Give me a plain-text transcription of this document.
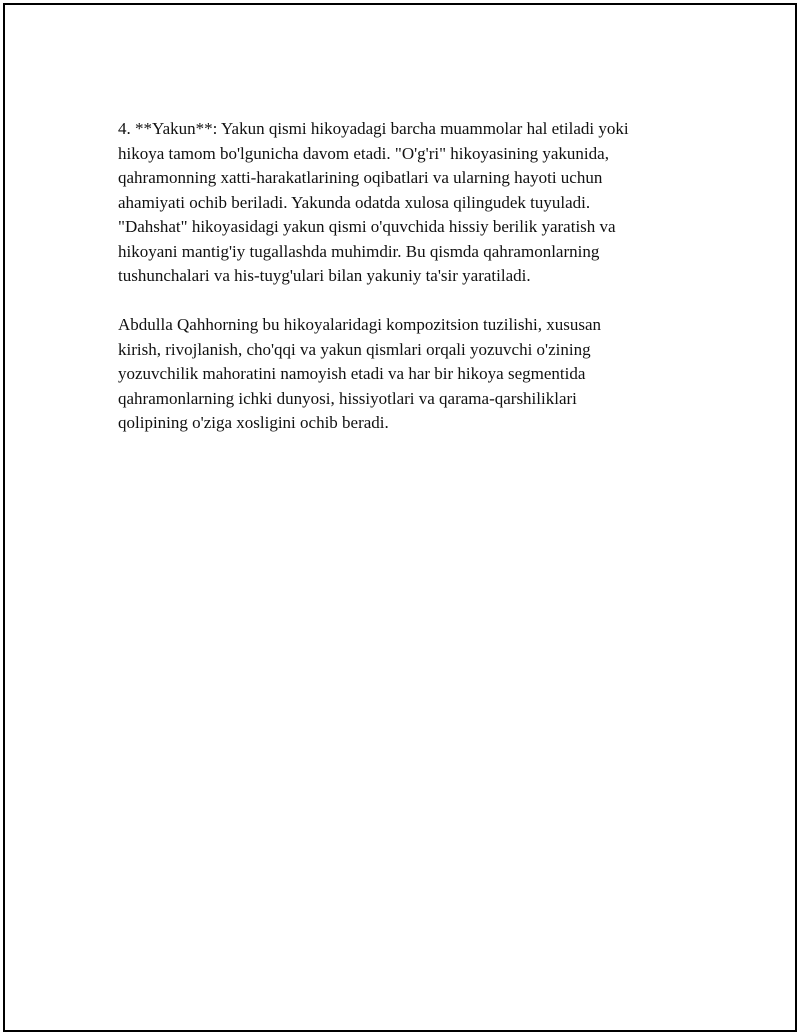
4. **Yakun**: Yakun qismi hikoyadagi barcha muammolar hal etiladi yoki
hikoya tamom bo'lgunicha davom etadi. "O'g'ri" hikoyasining yakunida,
qahramonning xatti-harakatlarining oqibatlari va ularning hayoti uchun
ahamiyati ochib beriladi. Yakunda odatda xulosa qilingudek tuyuladi.
"Dahshat" hikoyasidagi yakun qismi o'quvchida hissiy berilik yaratish va
hikoyani mantig'iy tugallashda muhimdir. Bu qismda qahramonlarning
tushunchalari va his-tuyg'ulari bilan yakuniy ta'sir yaratiladi.

Abdulla Qahhorning bu hikoyalaridagi kompozitsion tuzilishi, xususan
kirish, rivojlanish, cho'qqi va yakun qismlari orqali yozuvchi o'zining
yozuvchilik mahoratini namoyish etadi va har bir hikoya segmentida
qahramonlarning ichki dunyosi, hissiyotlari va qarama-qarshiliklari
qolipining o'ziga xosligini ochib beradi.
